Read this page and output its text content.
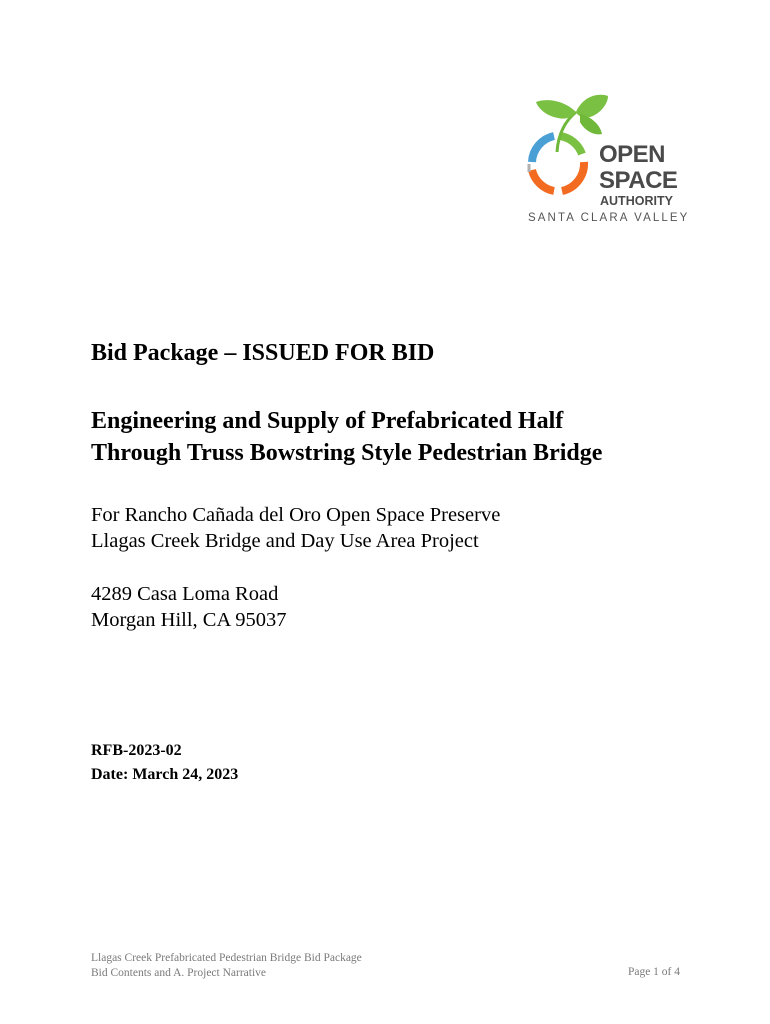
OPEN
SPACE
AUTHORITY
SANTA CLARA VALLEY
Bid Package – ISSUED FOR BID
Engineering and Supply of Prefabricated Half
Through Truss Bowstring Style Pedestrian Bridge
For Rancho Cañada del Oro Open Space Preserve
Llagas Creek Bridge and Day Use Area Project
4289 Casa Loma Road
Morgan Hill, CA 95037
RFB-2023-02
Date: March 24, 2023
Llagas Creek Prefabricated Pedestrian Bridge Bid Package
Bid Contents and A. Project Narrative	Page 1 of 4
